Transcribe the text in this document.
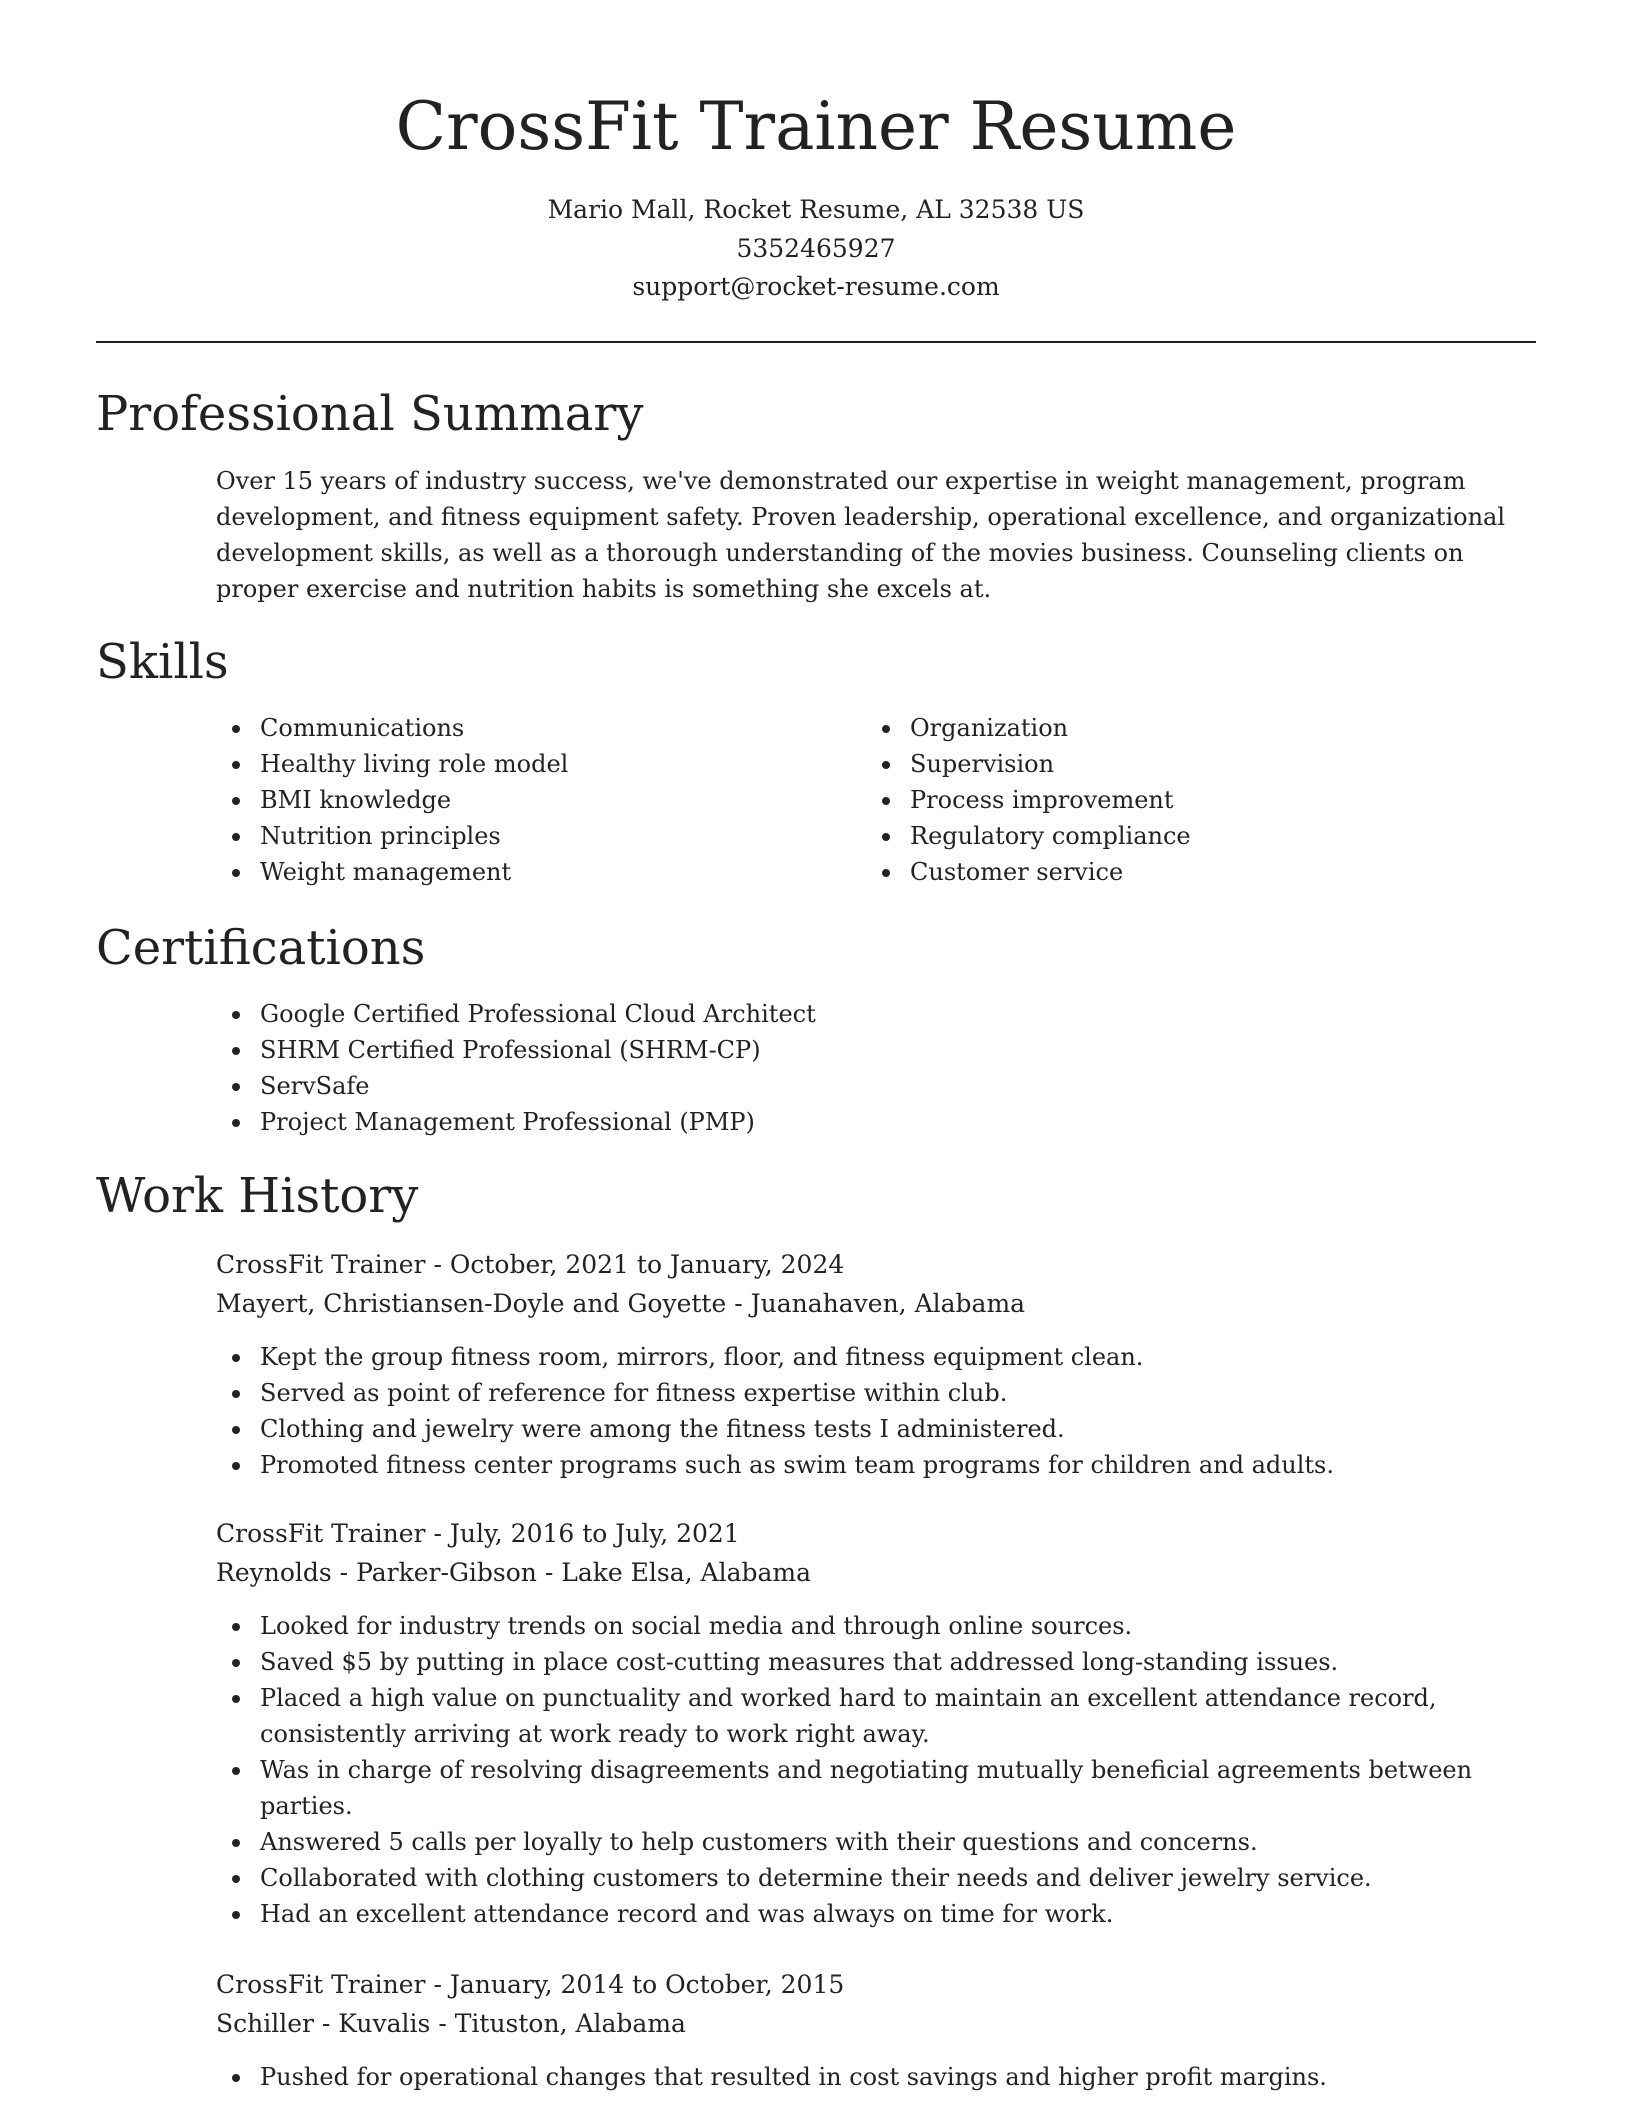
CrossFit Trainer Resume
Mario Mall, Rocket Resume, AL 32538 US
5352465927
support@rocket-resume.com
Professional Summary

Over 15 years of industry success, we've demonstrated our expertise in weight management, program development, and fitness equipment safety. Proven leadership, operational excellence, and organizational development skills, as well as a thorough understanding of the movies business. Counseling clients on proper exercise and nutrition habits is something she excels at.

Skills
Communications
Healthy living role model
BMI knowledge
Nutrition principles
Weight management
Organization
Supervision
Process improvement
Regulatory compliance
Customer service
Certifications
Google Certified Professional Cloud Architect
SHRM Certified Professional (SHRM-CP)
ServSafe
Project Management Professional (PMP)
Work History
CrossFit Trainer - October, 2021 to January, 2024
Mayert, Christiansen-Doyle and Goyette - Juanahaven, Alabama
Kept the group fitness room, mirrors, floor, and fitness equipment clean.
Served as point of reference for fitness expertise within club.
Clothing and jewelry were among the fitness tests I administered.
Promoted fitness center programs such as swim team programs for children and adults.
CrossFit Trainer - July, 2016 to July, 2021
Reynolds - Parker-Gibson - Lake Elsa, Alabama
Looked for industry trends on social media and through online sources.
Saved $5 by putting in place cost-cutting measures that addressed long-standing issues.
Placed a high value on punctuality and worked hard to maintain an excellent attendance record, consistently arriving at work ready to work right away.
Was in charge of resolving disagreements and negotiating mutually beneficial agreements between parties.
Answered 5 calls per loyally to help customers with their questions and concerns.
Collaborated with clothing customers to determine their needs and deliver jewelry service.
Had an excellent attendance record and was always on time for work.
CrossFit Trainer - January, 2014 to October, 2015
Schiller - Kuvalis - Tituston, Alabama
Pushed for operational changes that resulted in cost savings and higher profit margins.
